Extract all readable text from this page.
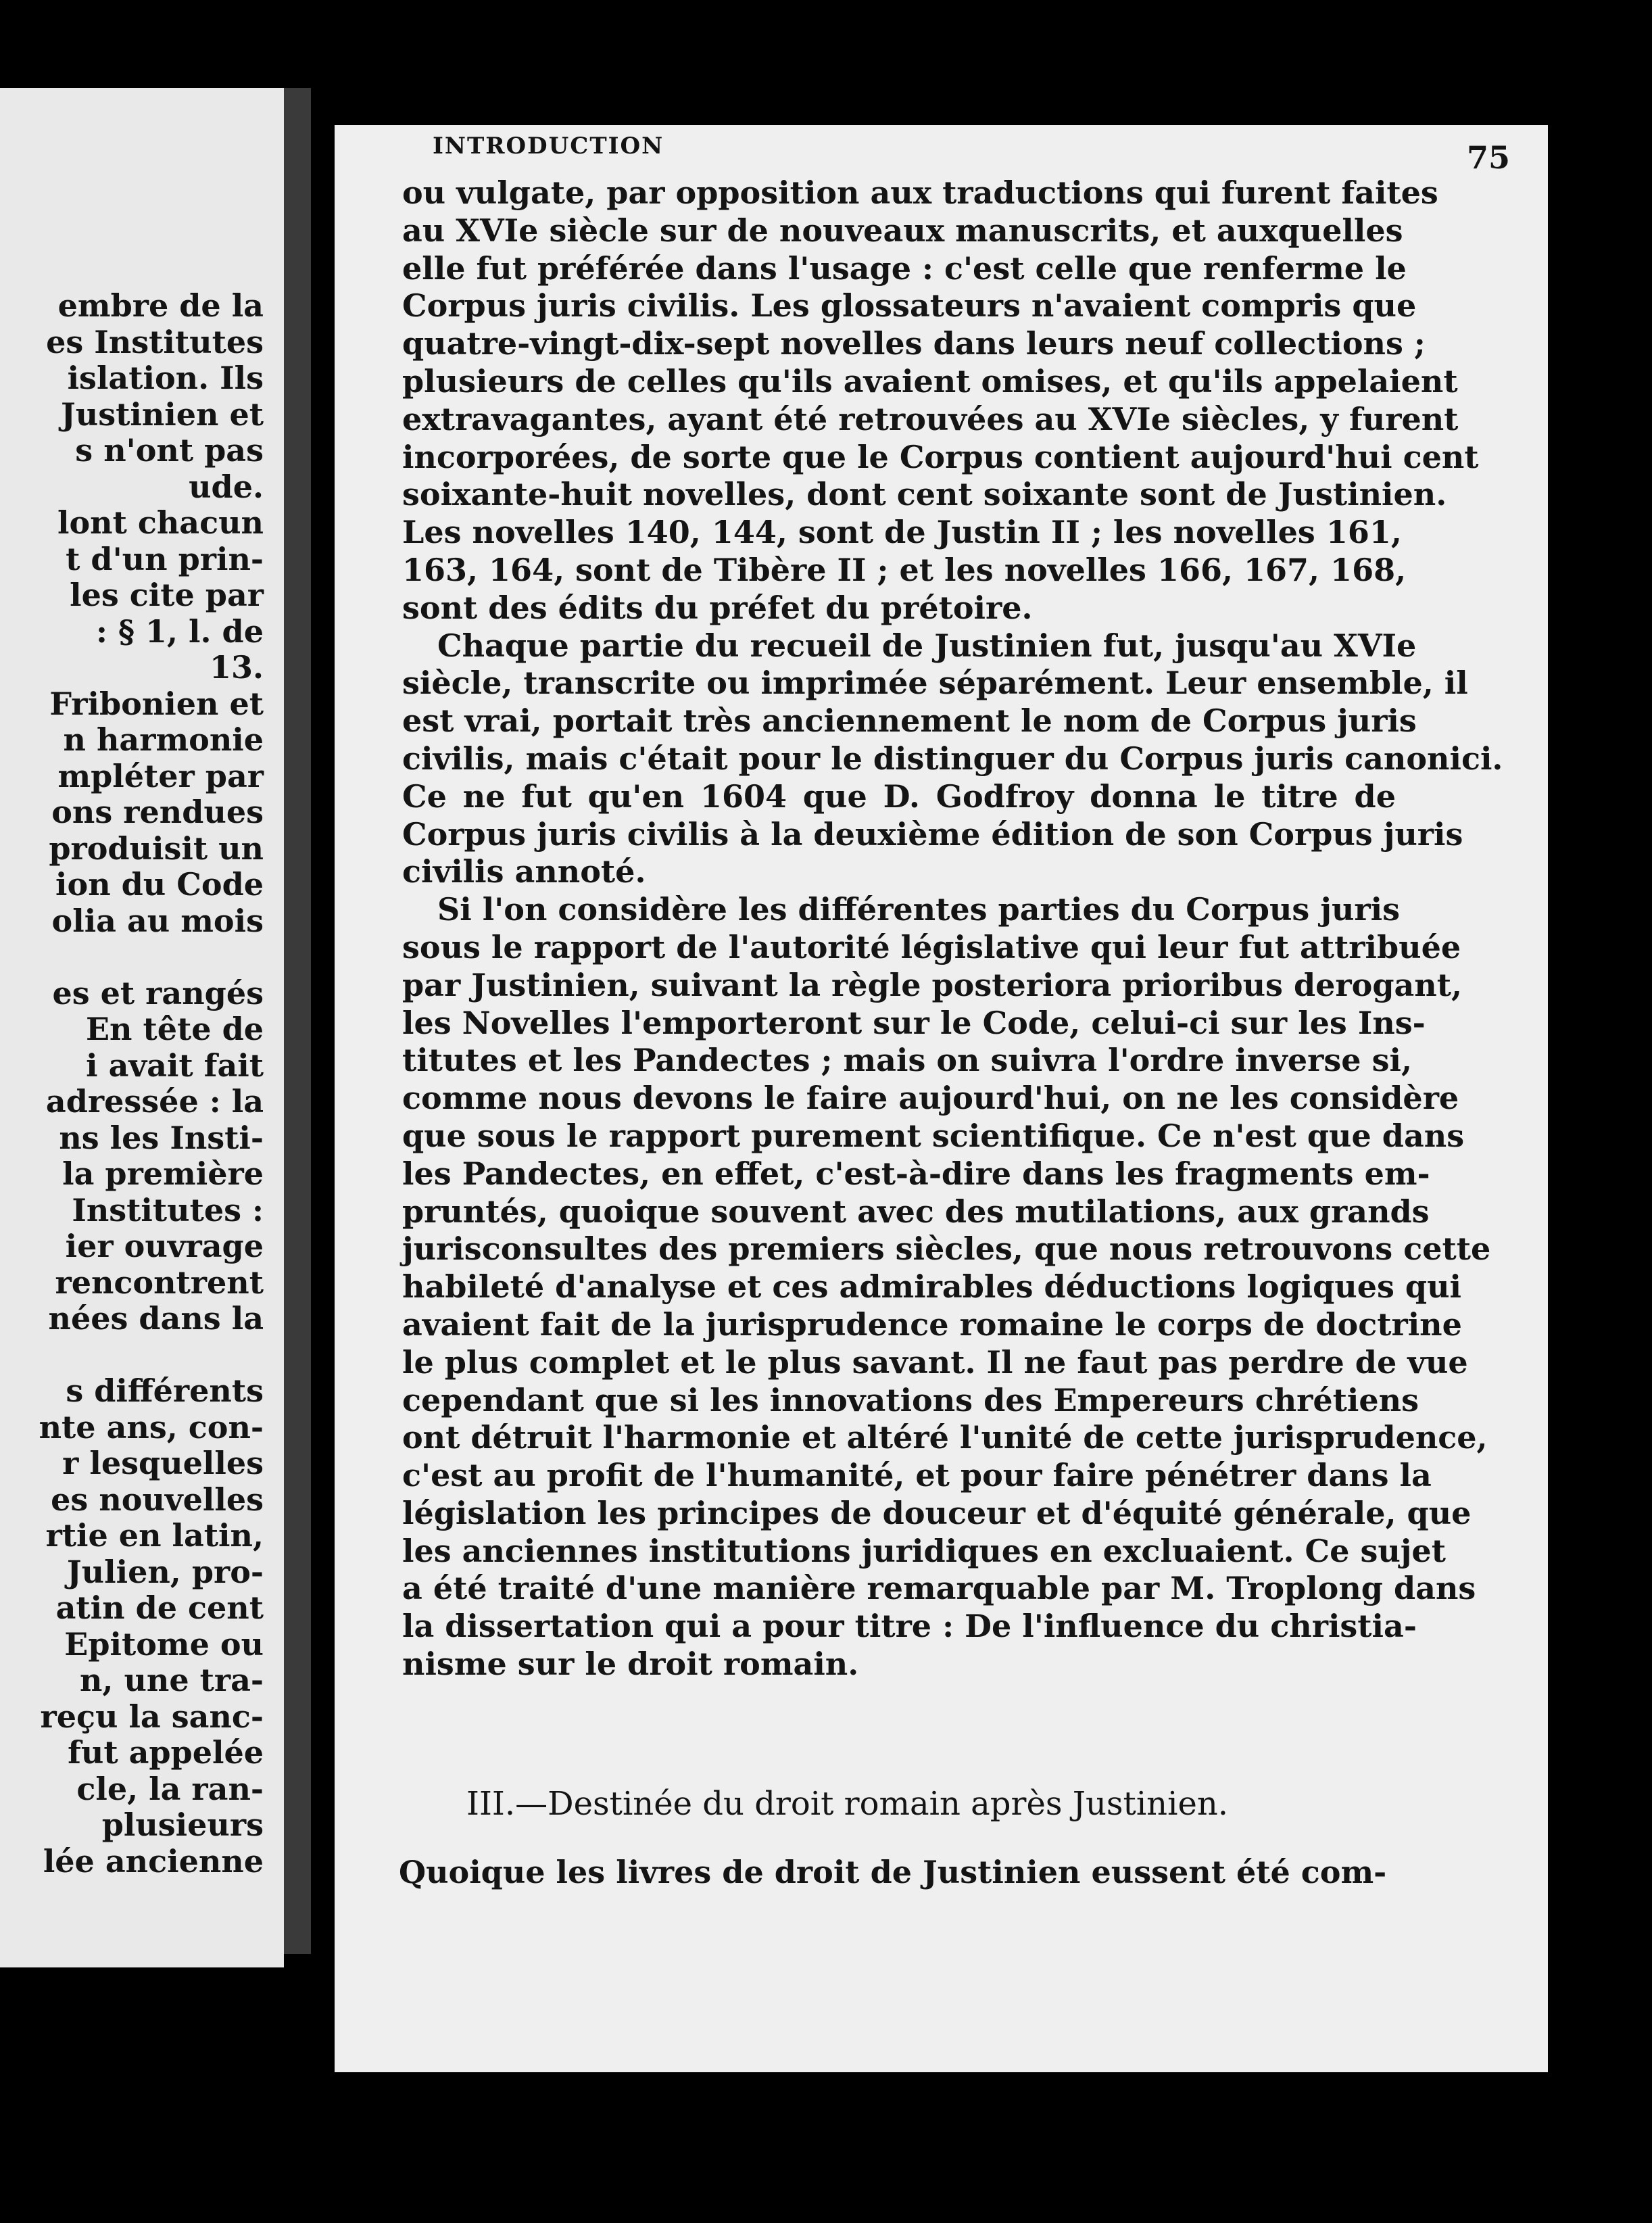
embre de la
es Institutes
islation. Ils
Justinien et
s n'ont pas
ude.
lont chacun
t d'un prin-
les cite par
: § 1, l. de
13.
Fribonien et
n harmonie
mpléter par
ons rendues
produisit un
ion du Code
olia au mois
es et rangés
En tête de
i avait fait
adressée : la
ns les Insti-
la première
Institutes :
ier ouvrage
rencontrent
nées dans la
s différents
nte ans, con-
r lesquelles
es nouvelles
rtie en latin,
Julien, pro-
atin de cent
Epitome ou
n, une tra-
reçu la sanc-
fut appelée
cle, la ran-
plusieurs
lée ancienne
INTRODUCTION	75
ou vulgate, par opposition aux traductions qui furent faites
au XVIe siècle sur de nouveaux manuscrits, et auxquelles
elle fut préférée dans l'usage : c'est celle que renferme le
Corpus juris civilis. Les glossateurs n'avaient compris que
quatre-vingt-dix-sept novelles dans leurs neuf collections ;
plusieurs de celles qu'ils avaient omises, et qu'ils appelaient
extravagantes, ayant été retrouvées au XVIe siècles, y furent
incorporées, de sorte que le Corpus contient aujourd'hui cent
soixante-huit novelles, dont cent soixante sont de Justinien.
Les novelles 140, 144, sont de Justin II ; les novelles 161,
163, 164, sont de Tibère II ; et les novelles 166, 167, 168,
sont des édits du préfet du prétoire.
Chaque partie du recueil de Justinien fut, jusqu'au XVIe
siècle, transcrite ou imprimée séparément. Leur ensemble, il
est vrai, portait très anciennement le nom de Corpus juris
civilis, mais c'était pour le distinguer du Corpus juris canonici.
Ce ne fut qu'en 1604 que D. Godfroy donna le titre de
Corpus juris civilis à la deuxième édition de son Corpus juris
civilis annoté.
Si l'on considère les différentes parties du Corpus juris
sous le rapport de l'autorité législative qui leur fut attribuée
par Justinien, suivant la règle posteriora prioribus derogant,
les Novelles l'emporteront sur le Code, celui-ci sur les Ins-
titutes et les Pandectes ; mais on suivra l'ordre inverse si,
comme nous devons le faire aujourd'hui, on ne les considère
que sous le rapport purement scientifique. Ce n'est que dans
les Pandectes, en effet, c'est-à-dire dans les fragments em-
pruntés, quoique souvent avec des mutilations, aux grands
jurisconsultes des premiers siècles, que nous retrouvons cette
habileté d'analyse et ces admirables déductions logiques qui
avaient fait de la jurisprudence romaine le corps de doctrine
le plus complet et le plus savant. Il ne faut pas perdre de vue
cependant que si les innovations des Empereurs chrétiens
ont détruit l'harmonie et altéré l'unité de cette jurisprudence,
c'est au profit de l'humanité, et pour faire pénétrer dans la
législation les principes de douceur et d'équité générale, que
les anciennes institutions juridiques en excluaient. Ce sujet
a été traité d'une manière remarquable par M. Troplong dans
la dissertation qui a pour titre : De l'influence du christia-
nisme sur le droit romain.
III.—Destinée du droit romain après Justinien.
Quoique les livres de droit de Justinien eussent été com-
